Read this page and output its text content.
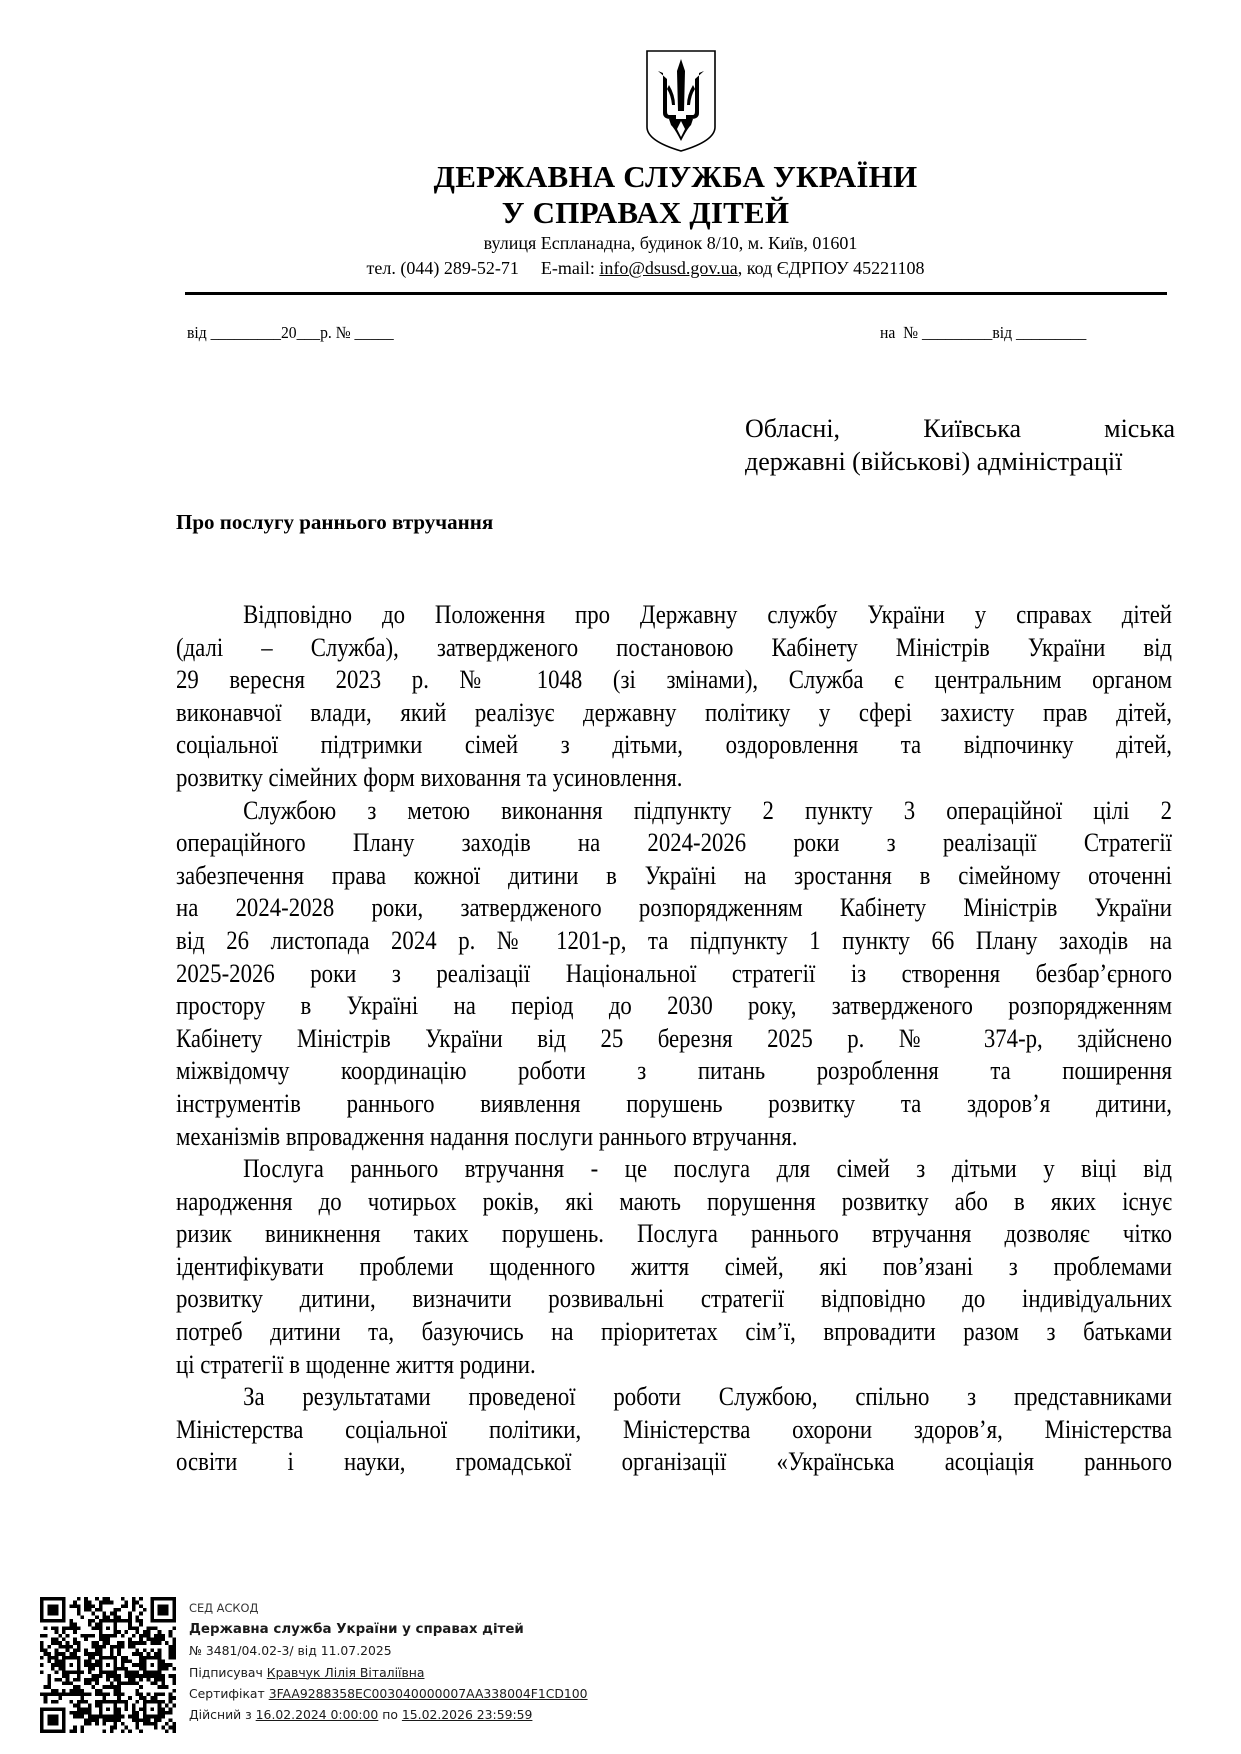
ДЕРЖАВНА СЛУЖБА УКРАЇНИ
У СПРАВАХ ДІТЕЙ
вулиця Еспланадна, будинок 8/10, м. Київ, 01601
тел. (044) 289-52-71 E-mail: info@dsusd.gov.ua, код ЄДРПОУ 45221108
від _________20___р. № _____	на  № _________від _________
Обласні,	Київська	міська
державні (військові) адміністрації
Про послугу раннього втручання
Відповідно до Положення про Державну службу України у справах дітей
(далі – Служба), затвердженого постановою Кабінету Міністрів України від
29 вересня 2023 р. № 1048 (зі змінами), Служба є центральним органом
виконавчої влади, який реалізує державну політику у сфері захисту прав дітей,
соціальної підтримки сімей з дітьми, оздоровлення та відпочинку дітей,
розвитку сімейних форм виховання та усиновлення.
Службою з метою виконання підпункту 2 пункту 3 операційної цілі 2
операційного Плану заходів на 2024-2026 роки з реалізації Стратегії
забезпечення права кожної дитини в Україні на зростання в сімейному оточенні
на 2024-2028 роки, затвердженого розпорядженням Кабінету Міністрів України
від 26 листопада 2024 р. № 1201-р, та підпункту 1 пункту 66 Плану заходів на
2025-2026 роки з реалізації Національної стратегії із створення безбар’єрного
простору в Україні на період до 2030 року, затвердженого розпорядженням
Кабінету Міністрів України від 25 березня 2025 р. № 374-р, здійснено
міжвідомчу координацію роботи з питань розроблення та поширення
інструментів раннього виявлення порушень розвитку та здоров’я дитини,
механізмів впровадження надання послуги раннього втручання.
Послуга раннього втручання - це послуга для сімей з дітьми у віці від
народження до чотирьох років, які мають порушення розвитку або в яких існує
ризик виникнення таких порушень. Послуга раннього втручання дозволяє чітко
ідентифікувати проблеми щоденного життя сімей, які пов’язані з проблемами
розвитку дитини, визначити розвивальні стратегії відповідно до індивідуальних
потреб дитини та, базуючись на пріоритетах сім’ї, впровадити разом з батьками
ці стратегії в щоденне життя родини.
За результатами проведеної роботи Службою, спільно з представниками
Міністерства соціальної політики, Міністерства охорони здоров’я, Міністерства
освіти і науки, громадської організації «Українська асоціація раннього
СЕД АСКОД
Державна служба України у справах дітей
№ 3481/04.02-3/ від 11.07.2025
Підписувач Кравчук Лілія Віталіївна
Сертифікат 3FAA9288358EC003040000007AA338004F1CD100
Дійсний з 16.02.2024 0:00:00 по 15.02.2026 23:59:59
